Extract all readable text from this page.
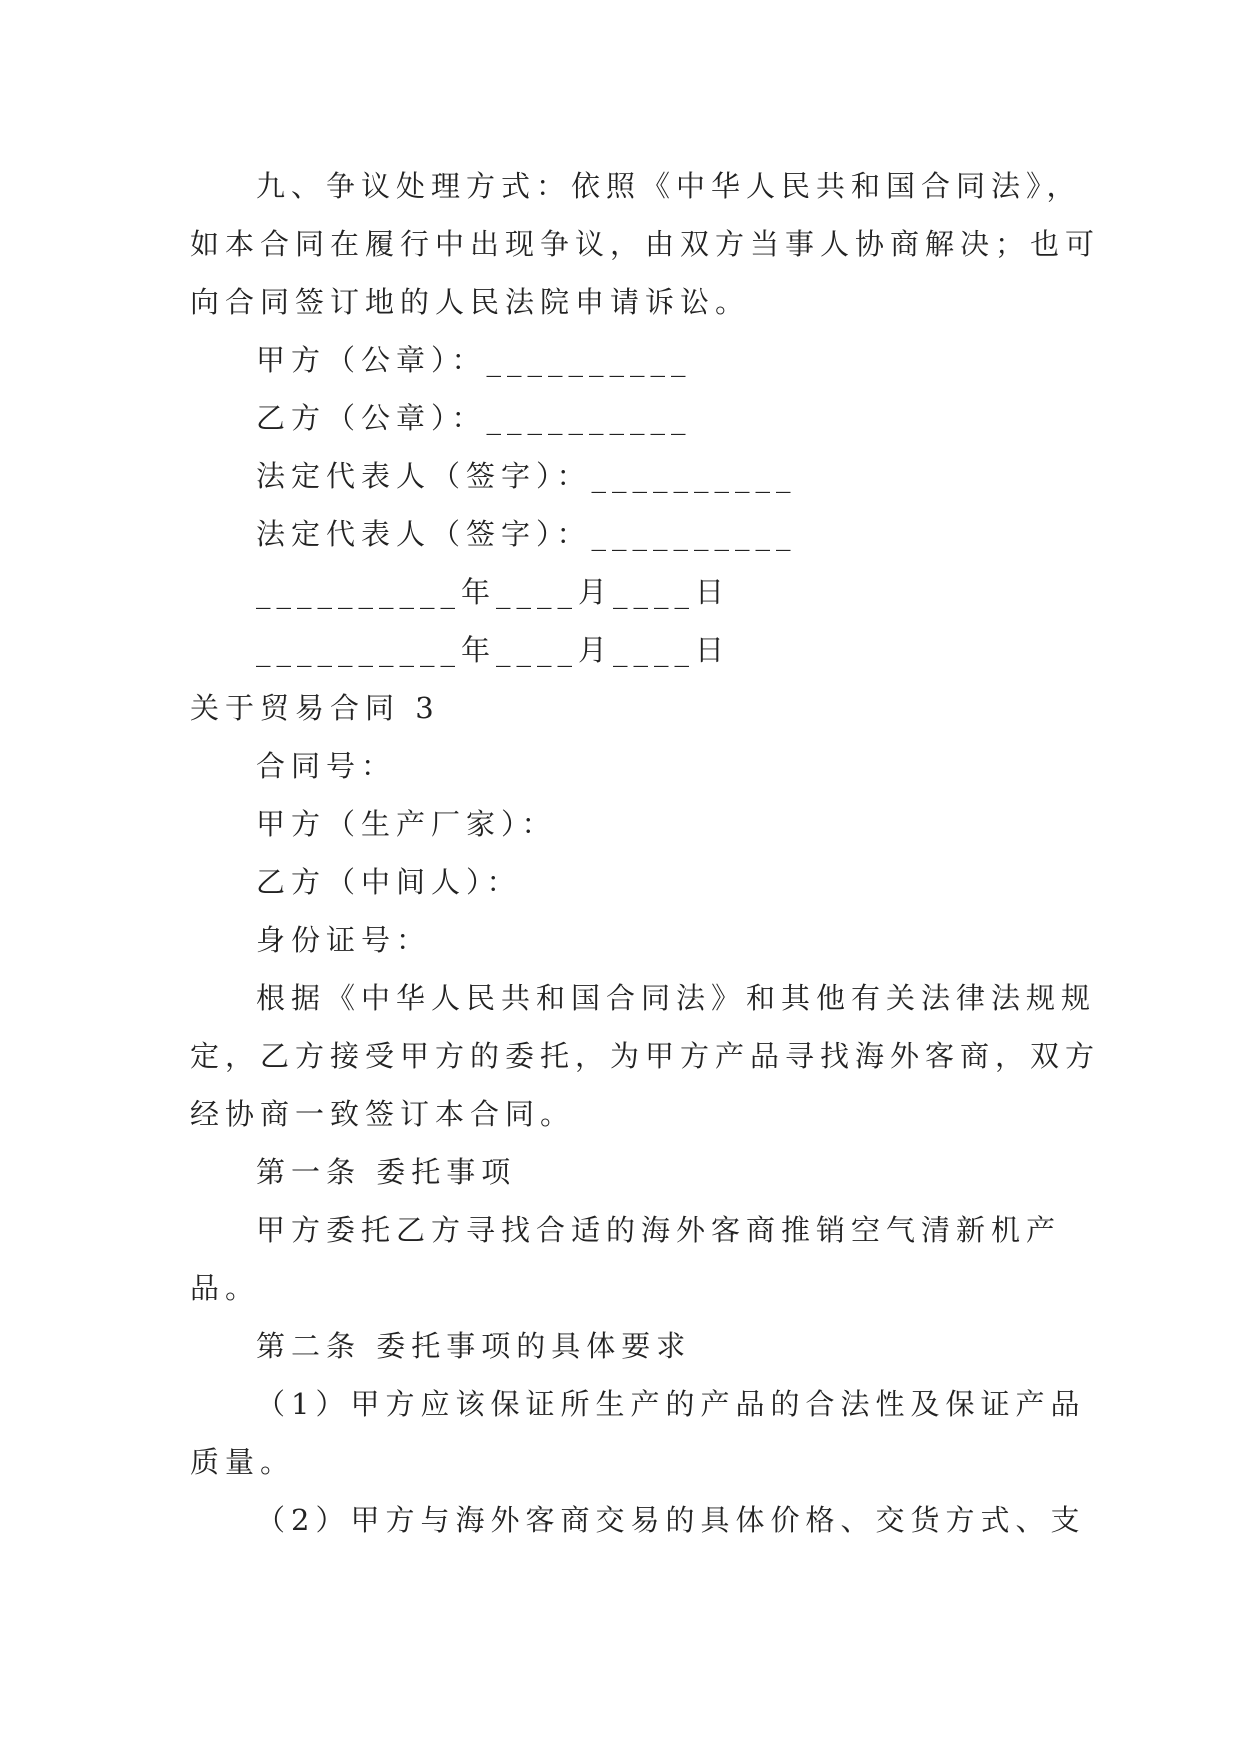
九、争议处理方式：依照《中华人民共和国合同法》，
如本合同在履行中出现争议，由双方当事人协商解决；也可
向合同签订地的人民法院申请诉讼。
甲方（公章）：__________
乙方（公章）：__________
法定代表人（签字）：__________
法定代表人（签字）：__________
__________年____月____日
__________年____月____日
关于贸易合同 3
合同号：
甲方（生产厂家）：
乙方（中间人）：
身份证号：
根据《中华人民共和国合同法》和其他有关法律法规规
定，乙方接受甲方的委托，为甲方产品寻找海外客商，双方
经协商一致签订本合同。
第一条 委托事项
甲方委托乙方寻找合适的海外客商推销空气清新机产
品。
第二条 委托事项的具体要求
（1）甲方应该保证所生产的产品的合法性及保证产品
质量。
（2）甲方与海外客商交易的具体价格、交货方式、支
